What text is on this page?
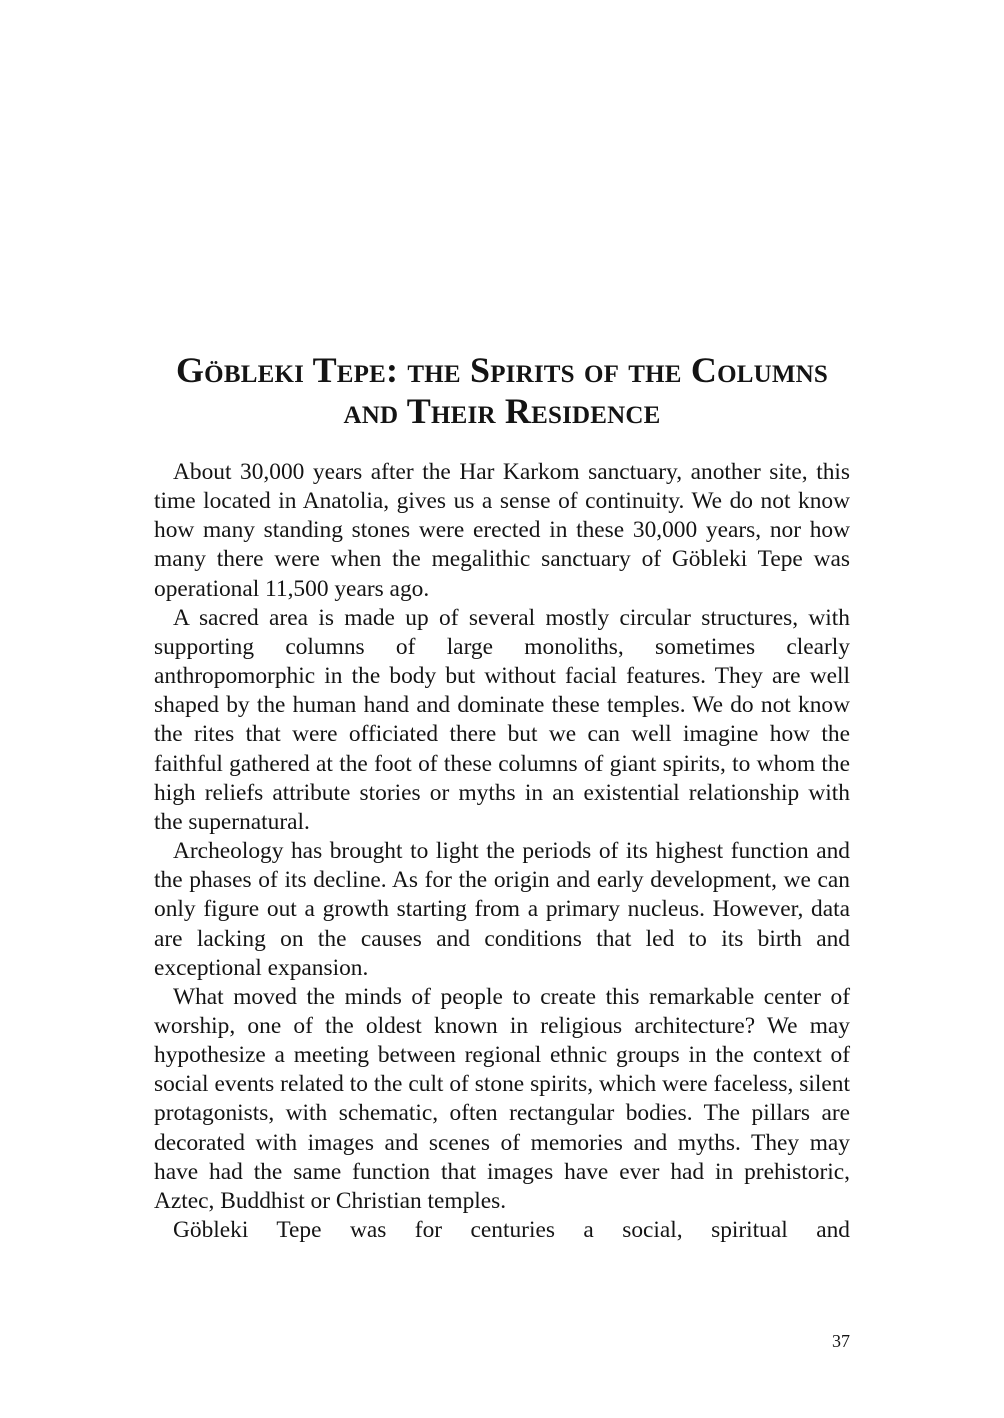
Göbleki Tepe: the Spirits of the Columns
and Their Residence

About 30,000 years after the Har Karkom sanctuary, another site, this time located in Anatolia, gives us a sense of continuity. We do not know how many standing stones were erected in these 30,000 years, nor how many there were when the megalithic sanctuary of Göbleki Tepe was operational 11,500 years ago.

A sacred area is made up of several mostly circular structures, with supporting columns of large monoliths, sometimes clearly anthropomorphic in the body but without facial features. They are well shaped by the human hand and dominate these temples. We do not know the rites that were officiated there but we can well imagine how the faithful gathered at the foot of these columns of giant spirits, to whom the high reliefs attribute stories or myths in an existential relationship with the supernatural.

Archeology has brought to light the periods of its highest function and the phases of its decline. As for the origin and early development, we can only figure out a growth starting from a primary nucleus. However, data are lacking on the causes and conditions that led to its birth and exceptional expansion.

What moved the minds of people to create this remarkable center of worship, one of the oldest known in religious architecture? We may hypothesize a meeting between regional ethnic groups in the context of social events related to the cult of stone spirits, which were faceless, silent protagonists, with schematic, often rectangular bodies. The pillars are decorated with images and scenes of memories and myths. They may have had the same function that images have ever had in prehistoric, Aztec, Buddhist or Christian temples.

Göbleki Tepe was for centuries a social, spiritual and

37
